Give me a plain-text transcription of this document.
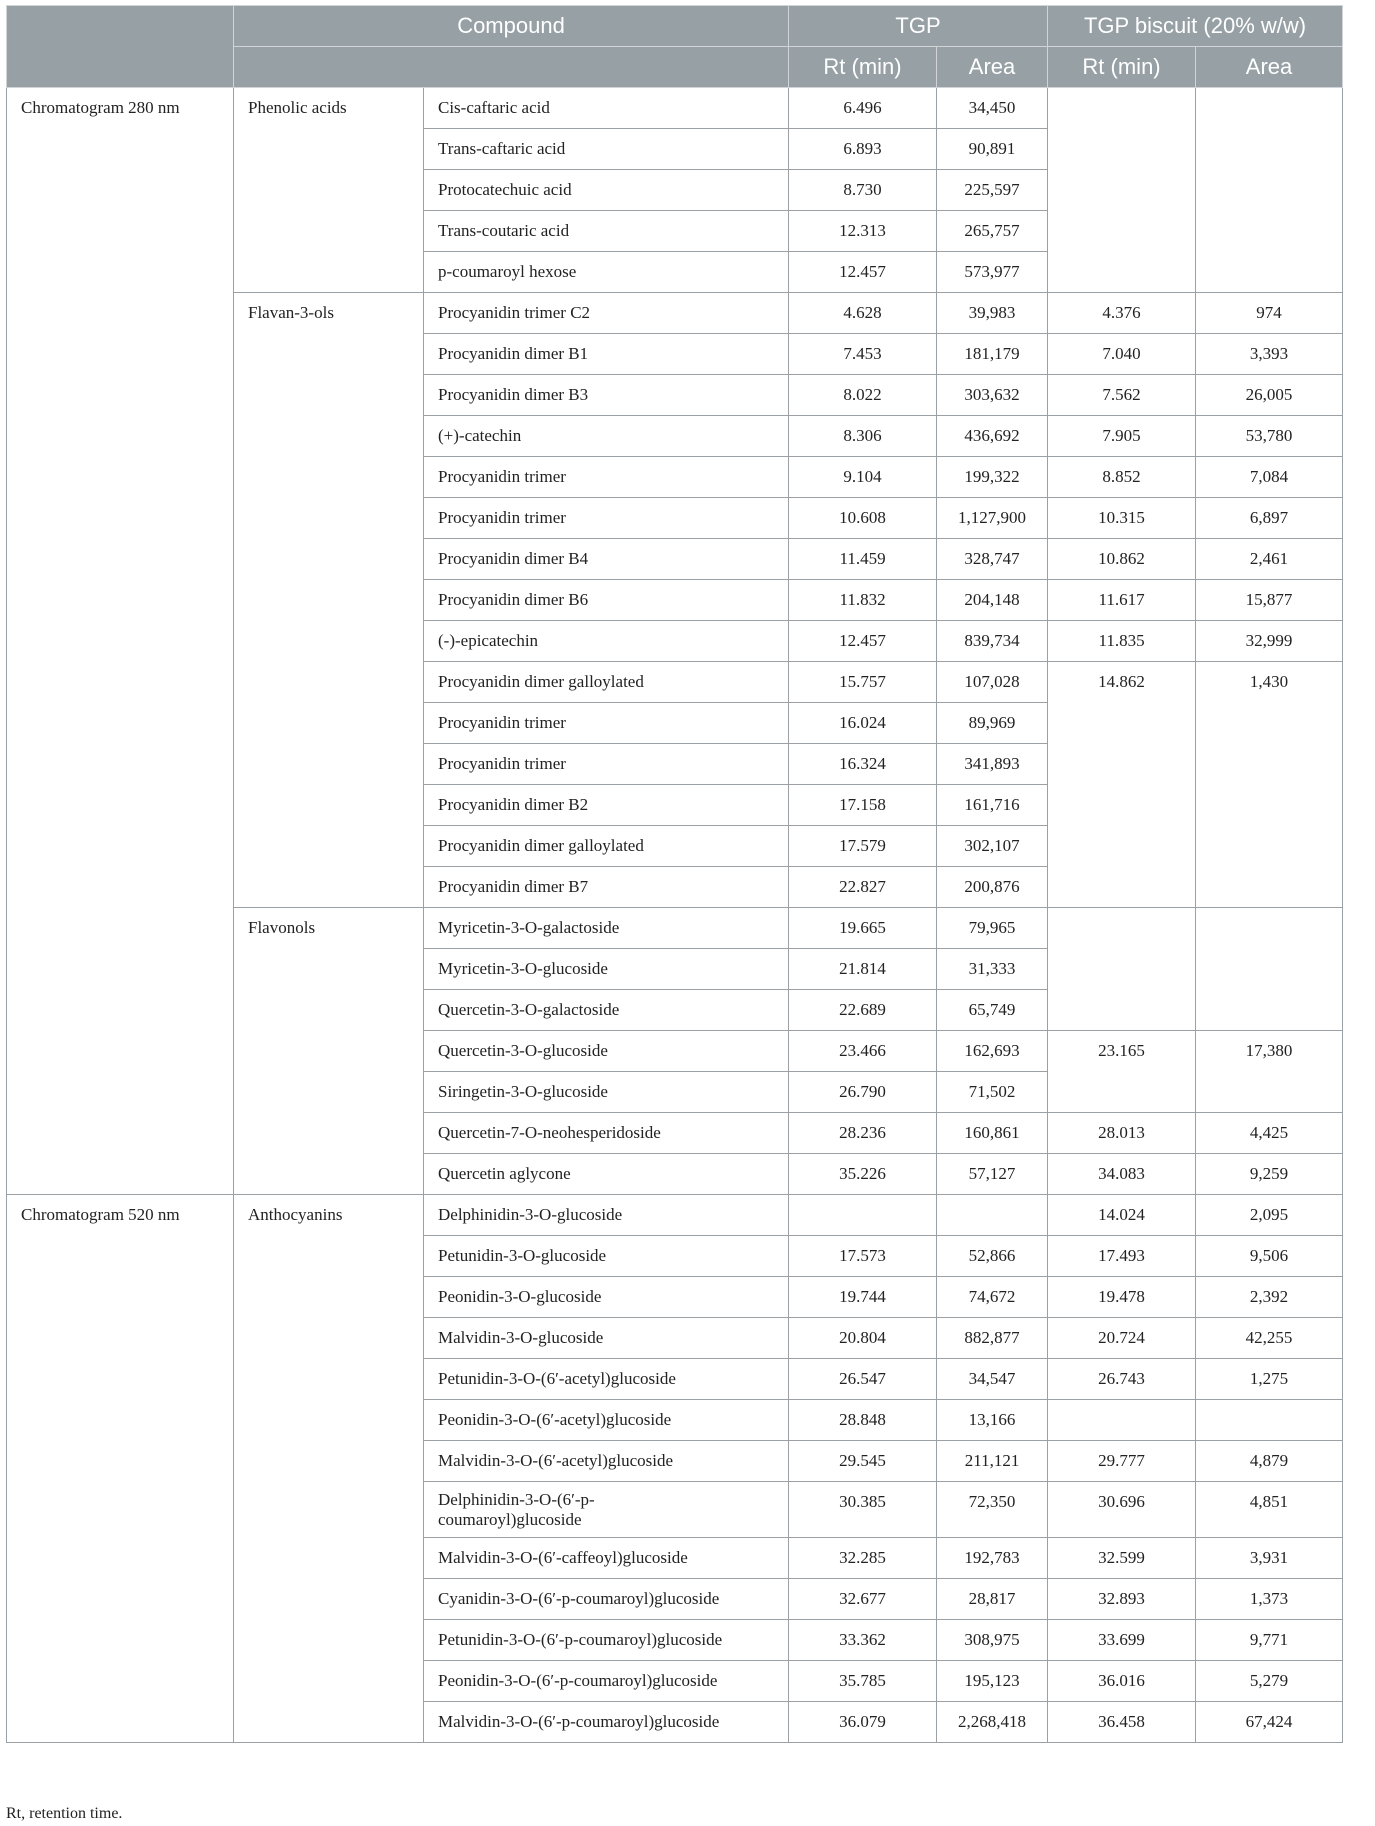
	Compound		TGP		TGP biscuit (20% w/w)	
			Rt (min)	Area	Rt (min)	Area
Chromatogram 280 nm	Phenolic acids	Cis-caftaric acid	6.496	34,450		
		Trans-caftaric acid	6.893	90,891		
		Protocatechuic acid	8.730	225,597		
		Trans-coutaric acid	12.313	265,757		
		p-coumaroyl hexose	12.457	573,977		
	Flavan-3-ols	Procyanidin trimer C2	4.628	39,983	4.376	974
		Procyanidin dimer B1	7.453	181,179	7.040	3,393
		Procyanidin dimer B3	8.022	303,632	7.562	26,005
		(+)-catechin	8.306	436,692	7.905	53,780
		Procyanidin trimer	9.104	199,322	8.852	7,084
		Procyanidin trimer	10.608	1,127,900	10.315	6,897
		Procyanidin dimer B4	11.459	328,747	10.862	2,461
		Procyanidin dimer B6	11.832	204,148	11.617	15,877
		(-)-epicatechin	12.457	839,734	11.835	32,999
		Procyanidin dimer galloylated	15.757	107,028	14.862	1,430
		Procyanidin trimer	16.024	89,969		
		Procyanidin trimer	16.324	341,893		
		Procyanidin dimer B2	17.158	161,716		
		Procyanidin dimer galloylated	17.579	302,107		
		Procyanidin dimer B7	22.827	200,876		
	Flavonols	Myricetin-3-O-galactoside	19.665	79,965		
		Myricetin-3-O-glucoside	21.814	31,333		
		Quercetin-3-O-galactoside	22.689	65,749		
		Quercetin-3-O-glucoside	23.466	162,693	23.165	17,380
		Siringetin-3-O-glucoside	26.790	71,502		
		Quercetin-7-O-neohesperidoside	28.236	160,861	28.013	4,425
		Quercetin aglycone	35.226	57,127	34.083	9,259
Chromatogram 520 nm	Anthocyanins	Delphinidin-3-O-glucoside			14.024	2,095
		Petunidin-3-O-glucoside	17.573	52,866	17.493	9,506
		Peonidin-3-O-glucoside	19.744	74,672	19.478	2,392
		Malvidin-3-O-glucoside	20.804	882,877	20.724	42,255
		Petunidin-3-O-(6′-acetyl)glucoside	26.547	34,547	26.743	1,275
		Peonidin-3-O-(6′-acetyl)glucoside	28.848	13,166		
		Malvidin-3-O-(6′-acetyl)glucoside	29.545	211,121	29.777	4,879
		Delphinidin-3-O-(6′-p-coumaroyl)glucoside	30.385	72,350	30.696	4,851
		Malvidin-3-O-(6′-caffeoyl)glucoside	32.285	192,783	32.599	3,931
		Cyanidin-3-O-(6′-p-coumaroyl)glucoside	32.677	28,817	32.893	1,373
		Petunidin-3-O-(6′-p-coumaroyl)glucoside	33.362	308,975	33.699	9,771
		Peonidin-3-O-(6′-p-coumaroyl)glucoside	35.785	195,123	36.016	5,279
		Malvidin-3-O-(6′-p-coumaroyl)glucoside	36.079	2,268,418	36.458	67,424
Rt, retention time.
